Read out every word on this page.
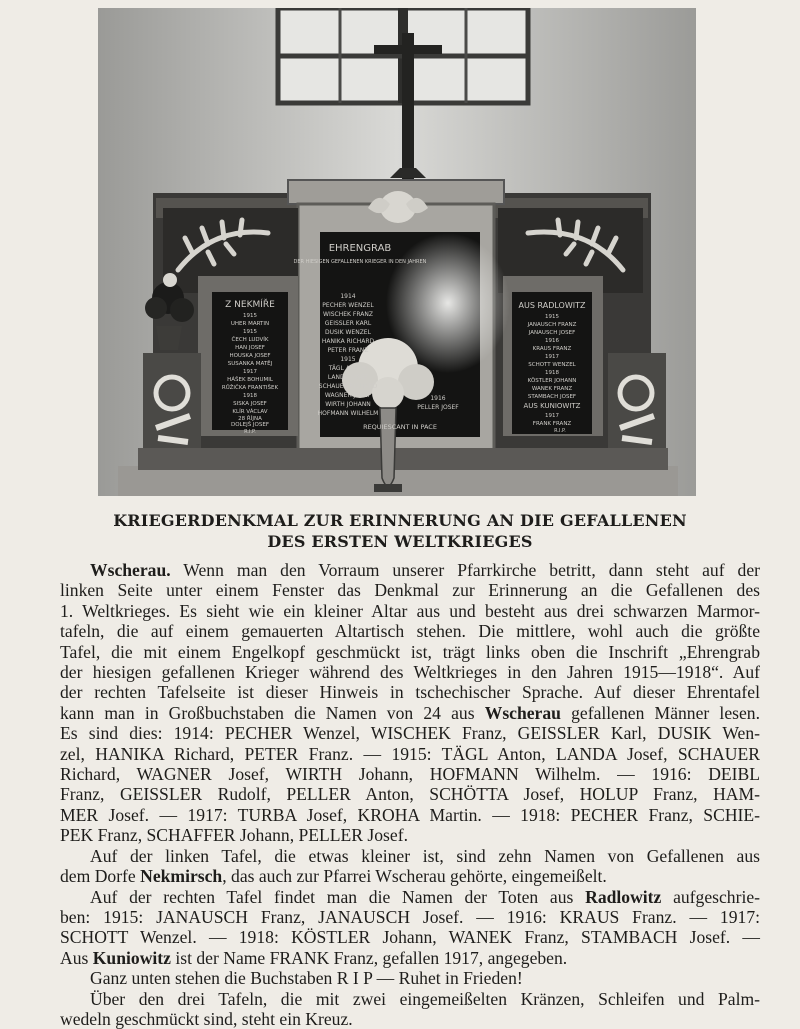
EHRENGRAB
DER HIESIGEN GEFALLENEN KRIEGER IN DEN JAHREN
1914
PECHER WENZEL
WISCHEK FRANZ
GEISSLER KARL
DUSIK WENZEL
HANIKA RICHARD
PETER FRANZ
1915
TÄGL ANTON
LANDA JOSEF
SCHAUER RICHARD
WAGNER JOSEF
WIRTH JOHANN
HOFMANN WILHELM
1916
PELLER JOSEF
REQUIESCANT IN PACE
Z NEKMÍŘE
1915
UHER MARTIN
1915
ČECH LUDVÍK
HAN JOSEF
HOUSKA JOSEF
SUSANKA MATĚJ
1917
HÁŠEK BOHUMIL
RŮŽIČKA FRANTIŠEK
1918
SISKA JOSEF
KLÍR VÁCLAV
28 ŘÍJNA
DOLEJŠ JOSEF
R.I.P.
AUS RADLOWITZ
1915
JANAUSCH FRANZ
JANAUSCH JOSEF
1916
KRAUS FRANZ
1917
SCHOTT WENZEL
1918
KÖSTLER JOHANN
WANEK FRANZ
STAMBACH JOSEF
AUS KUNIOWITZ
1917
FRANK FRANZ
R.I.P.
KRIEGERDENKMAL ZUR ERINNERUNG AN DIE GEFALLENEN
DES ERSTEN WELTKRIEGES

Wscherau. Wenn man den Vorraum unserer Pfarrkirche betritt, dann steht auf der
linken Seite unter einem Fenster das Denkmal zur Erinnerung an die Gefallenen des
1. Weltkrieges. Es sieht wie ein kleiner Altar aus und besteht aus drei schwarzen Marmor-
tafeln, die auf einem gemauerten Altartisch stehen. Die mittlere, wohl auch die größte
Tafel, die mit einem Engelkopf geschmückt ist, trägt links oben die Inschrift „Ehrengrab
der hiesigen gefallenen Krieger während des Weltkrieges in den Jahren 1915—1918“. Auf
der rechten Tafelseite ist dieser Hinweis in tschechischer Sprache. Auf dieser Ehrentafel
kann man in Großbuchstaben die Namen von 24 aus Wscherau gefallenen Männer lesen.
Es sind dies: 1914: PECHER Wenzel, WISCHEK Franz, GEISSLER Karl, DUSIK Wen-
zel, HANIKA Richard, PETER Franz. — 1915: TÄGL Anton, LANDA Josef, SCHAUER
Richard, WAGNER Josef, WIRTH Johann, HOFMANN Wilhelm. — 1916: DEIBL
Franz, GEISSLER Rudolf, PELLER Anton, SCHÖTTA Josef, HOLUP Franz, HAM-
MER Josef. — 1917: TURBA Josef, KROHA Martin. — 1918: PECHER Franz, SCHIE-
PEK Franz, SCHAFFER Johann, PELLER Josef.

Auf der linken Tafel, die etwas kleiner ist, sind zehn Namen von Gefallenen aus
dem Dorfe Nekmirsch, das auch zur Pfarrei Wscherau gehörte, eingemeißelt.

Auf der rechten Tafel findet man die Namen der Toten aus Radlowitz aufgeschrie-
ben: 1915: JANAUSCH Franz, JANAUSCH Josef. — 1916: KRAUS Franz. — 1917:
SCHOTT Wenzel. — 1918: KÖSTLER Johann, WANEK Franz, STAMBACH Josef. —
Aus Kuniowitz ist der Name FRANK Franz, gefallen 1917, angegeben.

Ganz unten stehen die Buchstaben R I P — Ruhet in Frieden!

Über den drei Tafeln, die mit zwei eingemeißelten Kränzen, Schleifen und Palm-
wedeln geschmückt sind, steht ein Kreuz.
